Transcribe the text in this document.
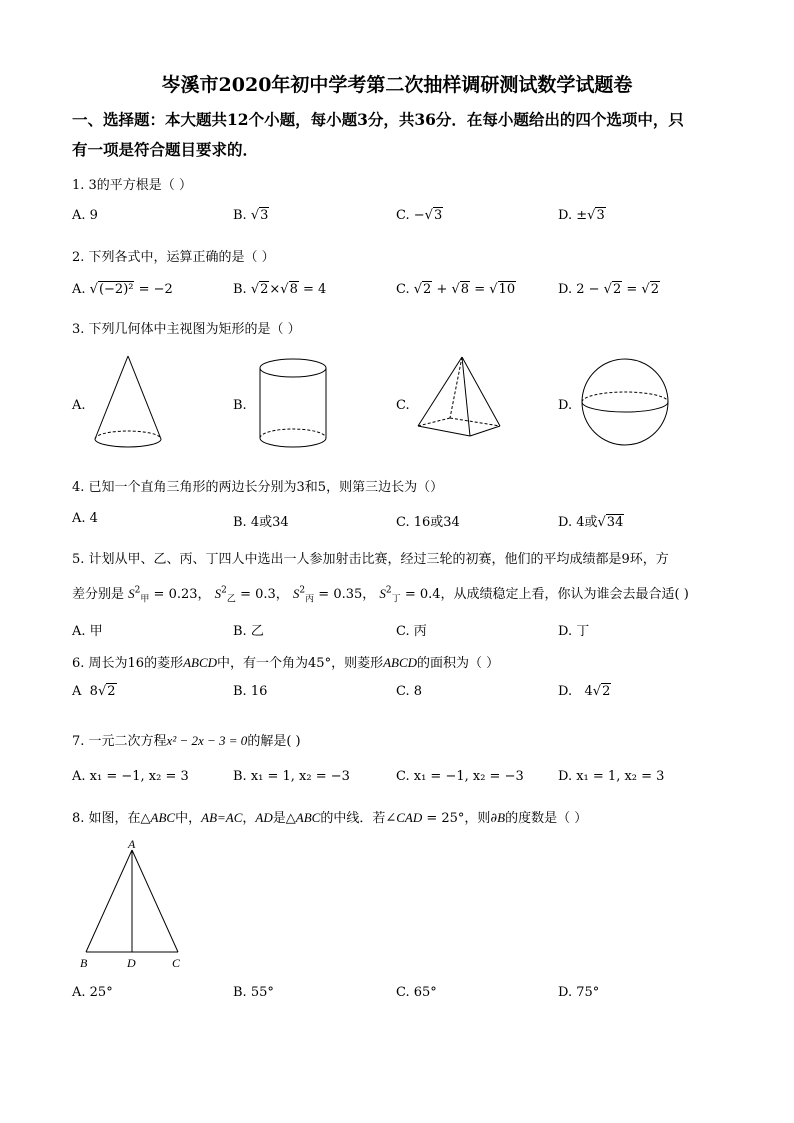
岑溪市2020年初中学考第二次抽样调研测试数学试题卷
一、选择题：本大题共12个小题，每小题3分，共36分．在每小题给出的四个选项中，只
有一项是符合题目要求的．
1. 3的平方根是（ ）
A. 9	B. √3	C. −√3	D. ±√3
2. 下列各式中，运算正确的是（ ）
A. √(−2)² = −2	B. √2×√8 = 4	C. √2 + √8 = √10	D. 2 − √2 = √2
3. 下列几何体中主视图为矩形的是（ ）
A.	B.	C.	D.
4. 已知一个直角三角形的两边长分别为3和5，则第三边长为（）
A. 4	B. 4或34	C. 16或34	D. 4或√34
5. 计划从甲、乙、丙、丁四人中选出一人参加射击比赛，经过三轮的初赛，他们的平均成绩都是9环，方
差分别是 $S^2_甲 = 0.23$， $S^2_乙 = 0.3$， $S^2_丙 = 0.35$， $S^2_丁 = 0.4$，从成绩稳定上看，你认为谁会去最合适( )
A. 甲	B. 乙	C. 丙	D. 丁
6. 周长为16的菱形ABCD中，有一个角为45°，则菱形ABCD的面积为（ ）
A 8√2	B. 16	C. 8	D. 4√2
7. 一元二次方程x² − 2x − 3 = 0的解是( )
A. x₁ = −1, x₂ = 3	B. x₁ = 1, x₂ = −3	C. x₁ = −1, x₂ = −3	D. x₁ = 1, x₂ = 3
8. 如图，在△ABC中，AB=AC，AD是△ABC的中线．若∠CAD = 25°，则∂B的度数是（ ）
A
B	D	C
A. 25°	B. 55°	C. 65°	D. 75°
